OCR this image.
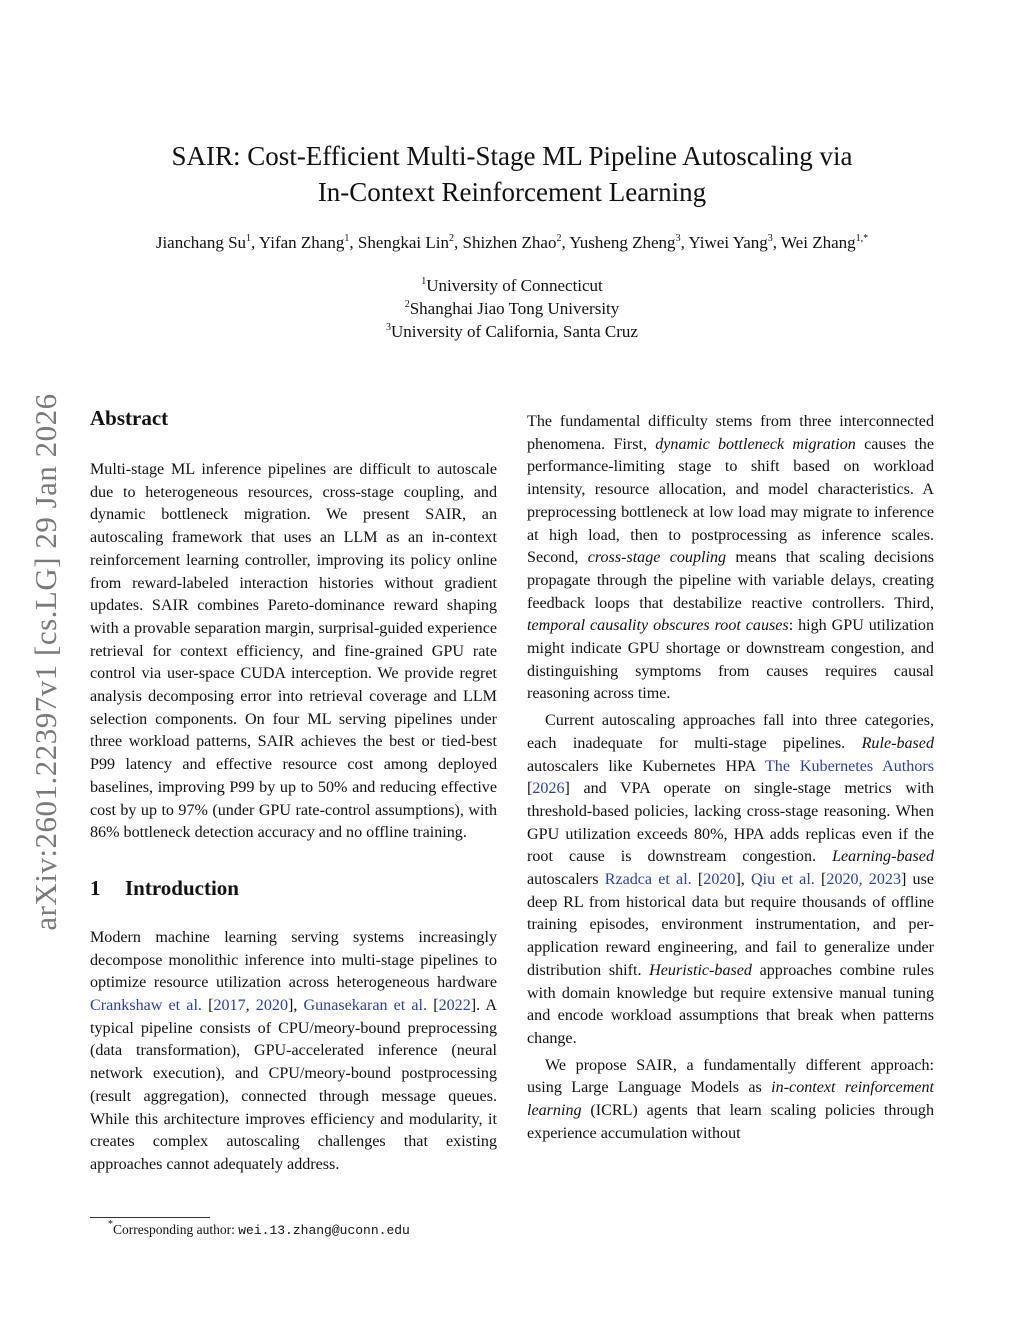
arXiv:2601.22397v1 [cs.LG] 29 Jan 2026
SAIR: Cost-Efficient Multi-Stage ML Pipeline Autoscaling via
In-Context Reinforcement Learning
Jianchang Su$^1$, Yifan Zhang$^1$, Shengkai Lin$^2$, Shizhen Zhao$^2$, Yusheng Zheng$^3$, Yiwei Yang$^3$, Wei Zhang$^{1,*}$
$^1$University of Connecticut
$^2$Shanghai Jiao Tong University
$^3$University of California, Santa Cruz
Abstract

Multi-stage ML inference pipelines are difficult to autoscale due to heterogeneous resources, cross-stage coupling, and dynamic bottleneck migration. We present SAIR, an autoscaling framework that uses an LLM as an in-context reinforcement learning controller, improving its policy online from reward-labeled interaction histories without gradient updates. SAIR combines Pareto-dominance reward shaping with a provable separation margin, surprisal-guided experience retrieval for context efficiency, and fine-grained GPU rate control via user-space CUDA interception. We provide regret analysis decomposing error into retrieval coverage and LLM selection components. On four ML serving pipelines under three workload patterns, SAIR achieves the best or tied-best P99 latency and effective resource cost among deployed baselines, improving P99 by up to 50% and reducing effective cost by up to 97% (under GPU rate-control assumptions), with 86% bottleneck detection accuracy and no offline training.

1	Introduction

Modern machine learning serving systems increasingly decompose monolithic inference into multi-stage pipelines to optimize resource utilization across heterogeneous hardware Crankshaw et al. [2017, 2020], Gunasekaran et al. [2022]. A typical pipeline consists of CPU/meory-bound preprocessing (data transformation), GPU-accelerated inference (neural network execution), and CPU/meory-bound postprocessing (result aggregation), connected through message queues. While this architecture improves efficiency and modularity, it creates complex autoscaling challenges that existing approaches cannot adequately address.

The fundamental difficulty stems from three interconnected phenomena. First, dynamic bottleneck migration causes the performance-limiting stage to shift based on workload intensity, resource allocation, and model characteristics. A preprocessing bottleneck at low load may migrate to inference at high load, then to postprocessing as inference scales. Second, cross-stage coupling means that scaling decisions propagate through the pipeline with variable delays, creating feedback loops that destabilize reactive controllers. Third, temporal causality obscures root causes: high GPU utilization might indicate GPU shortage or downstream congestion, and distinguishing symptoms from causes requires causal reasoning across time.

Current autoscaling approaches fall into three categories, each inadequate for multi-stage pipelines. Rule-based autoscalers like Kubernetes HPA The Kubernetes Authors [2026] and VPA operate on single-stage metrics with threshold-based policies, lacking cross-stage reasoning. When GPU utilization exceeds 80%, HPA adds replicas even if the root cause is downstream congestion. Learning-based autoscalers Rzadca et al. [2020], Qiu et al. [2020, 2023] use deep RL from historical data but require thousands of offline training episodes, environment instrumentation, and per-application reward engineering, and fail to generalize under distribution shift. Heuristic-based approaches combine rules with domain knowledge but require extensive manual tuning and encode workload assumptions that break when patterns change.

We propose SAIR, a fundamentally different approach: using Large Language Models as in-context reinforcement learning (ICRL) agents that learn scaling policies through experience accumulation without

*Corresponding author: wei.13.zhang@uconn.edu
